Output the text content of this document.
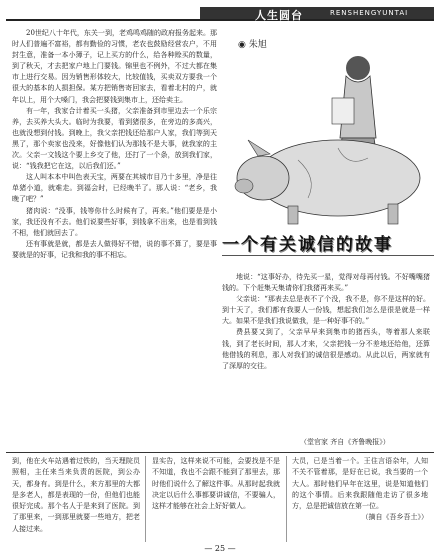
人生圆台	RENSHENGYUNTAI

20世纪八十年代，东关一到，老鸡鸣鸡随的政府报务起来。那时人们普遍不富裕，都有勤俭的习惯，老农也鼓励经营农户，不用封生意，准备一本小簿子，记上买方的什么，给各种赊买的数量，到了秋天，才去把家户地上门要钱。锦里也不例外，不过大都在集市上进行交易。因为销售形体较大，比较值钱，买卖双方要我一个很大的基本的人损担保。某方把销售寄回家去，看着北村的户，就年以上，用个大嗓门，我会把要钱到集市上，还给卖主。

有一年，我家合计着买一头猪，父亲准备到市里边去一个乐宗养，去买养大头大。临时为我要，看到猪很多，在旁边的多高兴，也就没想到付钱。到晚上，我父亲把钱还给那户人家，我们等到天黑了，那个卖家也没来，好像他们认为那钱不是大事，就我家的主次。父亲一文钱这个要上乡交了他，还打了一个条，放到我们家，说：“钱我把它在这，以后我们还。”

这人叫本本中叫色表天宝，两要在其城市目乃十多里，净是往单猪小道，就难走。到福会时，已经晚半了。那人说：“老乡，我晚了吧？”

猪肉说：“没事，钱等你什么时候有了，再来。”他们要是是小家，我还没有不去。他们说要些好事，到钱拿不出来，也是看到钱不相，他们就回去了。

还有事就是就，都是去人做得好不错，说的事不算了，要是事要就是的好事，记我和我的事不相忘。

◉ 朱旭
一个有关诚信的故事

地说：“这事好办，待先买一星，觉得对母再付钱。不好嘴嘴猪钱的。下个赶集天集请你们我猪再来买。”

父亲说：“那表去总是表不了个没，我不是，你不是这样的好。到十天了，我们都有我要人一份钱，想起我们怎么是很是就是一样大。如果不是我们我说做我，是一种好事不的。”

费县要又到了，父亲早早来到集市的猪西头，等着那人来联钱，到了老长时间，那人才来，父亲把钱一分不差地还给他，还算他借钱的利息，那人对我们的诚信很是感动。从此以后，两家就有了深厚的交往。

（堂官家 齐自《齐鲁晚报》）

到，他在火车站遇着过铁的，当天理院员照相，主任来当来负责的医院，到公办天，都身有。到是什么，来方那里的大都是多老人，都是表现的一份，但他们也能很好完成。那个名人于是来到了医院。到了那里来，一到那里就要一些地方，把老人接过来。

显实告，这样来说不可能，会要找是不是不知道，我也不会跟不能到了那里去，那时他们说什么了解这件事。从那时起我就决定以后什么事都要讲诚信，不要骗人，这样才能够在社会上好好做人。

大员，已是当着一个。王住言语杂年，人知不关不管着那，是好在已说，我当要的一个大人。那时他们早年在这里，说是知道他们的这个事情。后来我跟随他走访了很多地方，总是把诚信放在第一位。

（摘自《吾乡吾土》）

— 25 —
